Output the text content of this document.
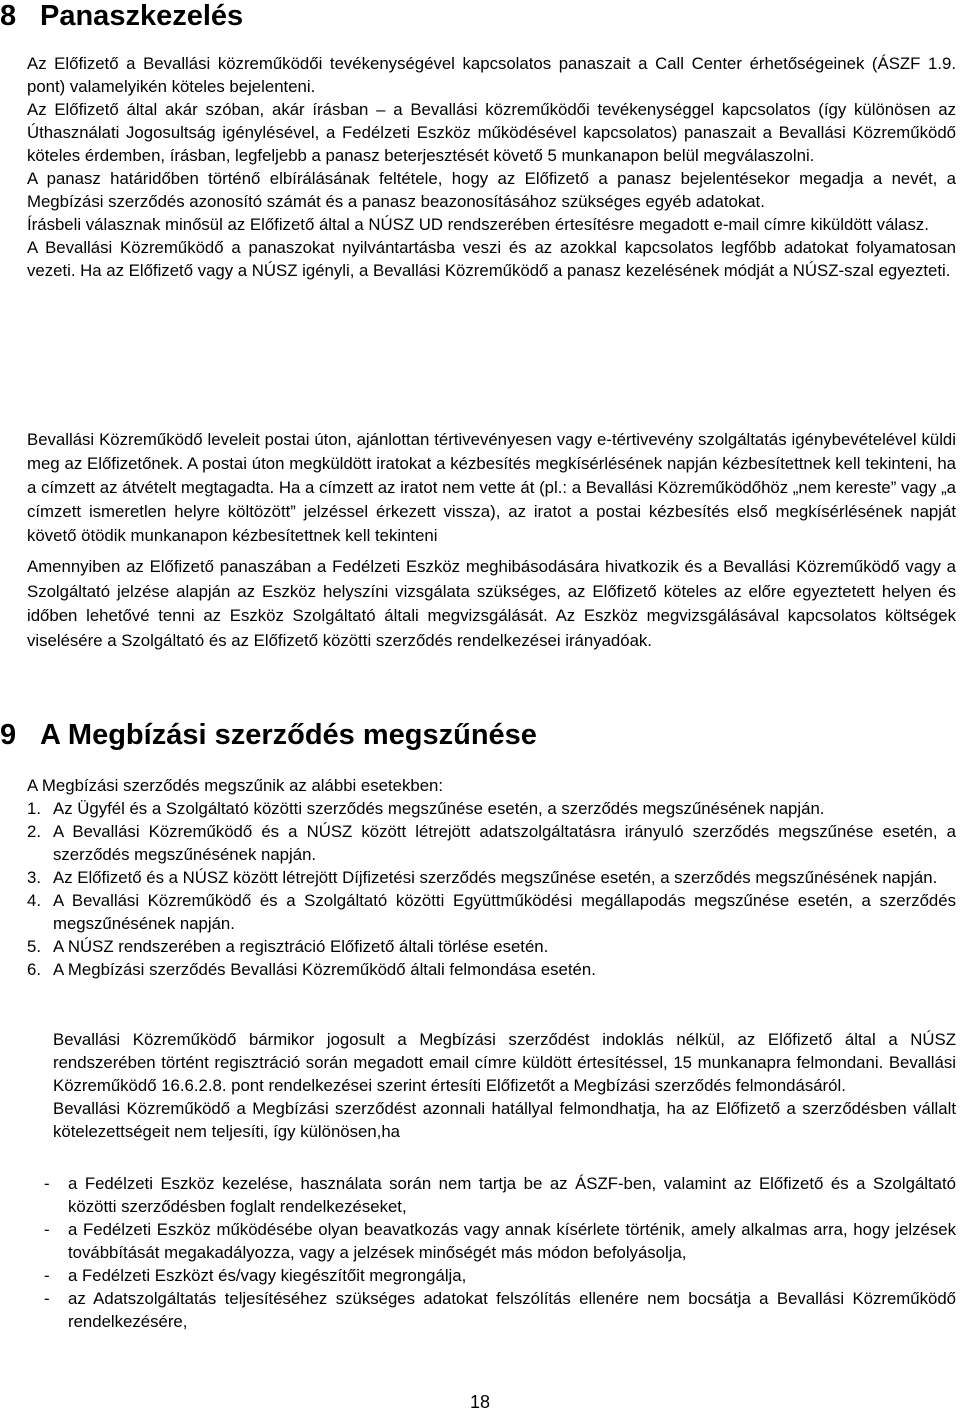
8 Panaszkezelés

Az Előfizető a Bevallási közreműködői tevékenységével kapcsolatos panaszait a Call Center érhetőségeinek (ÁSZF 1.9. pont) valamelyikén köteles bejelenteni.

Az Előfizető által akár szóban, akár írásban – a Bevallási közreműködői tevékenységgel kapcsolatos (így különösen az Úthasználati Jogosultság igénylésével, a Fedélzeti Eszköz működésével kapcsolatos) panaszait a Bevallási Közreműködő köteles érdemben, írásban, legfeljebb a panasz beterjesztését követő 5 munkanapon belül megválaszolni.

A panasz határidőben történő elbírálásának feltétele, hogy az Előfizető a panasz bejelentésekor megadja a nevét, a Megbízási szerződés azonosító számát és a panasz beazonosításához szükséges egyéb adatokat.

Írásbeli válasznak minősül az Előfizető által a NÚSZ UD rendszerében értesítésre megadott e-mail címre kiküldött válasz.

A Bevallási Közreműködő a panaszokat nyilvántartásba veszi és az azokkal kapcsolatos legfőbb adatokat folyamatosan vezeti. Ha az Előfizető vagy a NÚSZ igényli, a Bevallási Közreműködő a panasz kezelésének módját a NÚSZ-szal egyezteti.

Bevallási Közreműködő leveleit postai úton, ajánlottan tértivevényesen vagy e-tértivevény szolgáltatás igénybevételével küldi meg az Előfizetőnek. A postai úton megküldött iratokat a kézbesítés megkísérlésének napján kézbesítettnek kell tekinteni, ha a címzett az átvételt megtagadta. Ha a címzett az iratot nem vette át (pl.: a Bevallási Közreműködőhöz „nem kereste” vagy „a címzett ismeretlen helyre költözött” jelzéssel érkezett vissza), az iratot a postai kézbesítés első megkísérlésének napját követő ötödik munkanapon kézbesítettnek kell tekinteni

Amennyiben az Előfizető panaszában a Fedélzeti Eszköz meghibásodására hivatkozik és a Bevallási Közreműködő vagy a Szolgáltató jelzése alapján az Eszköz helyszíni vizsgálata szükséges, az Előfizető köteles az előre egyeztetett helyen és időben lehetővé tenni az Eszköz Szolgáltató általi megvizsgálását. Az Eszköz megvizsgálásával kapcsolatos költségek viselésére a Szolgáltató és az Előfizető közötti szerződés rendelkezései irányadóak.

9 A Megbízási szerződés megszűnése

A Megbízási szerződés megszűnik az alábbi esetekben:

1. Az Ügyfél és a Szolgáltató közötti szerződés megszűnése esetén, a szerződés megszűnésének napján.
2. A Bevallási Közreműködő és a NÚSZ között létrejött adatszolgáltatásra irányuló szerződés megszűnése esetén, a szerződés megszűnésének napján.
3. Az Előfizető és a NÚSZ között létrejött Díjfizetési szerződés megszűnése esetén, a szerződés megszűnésének napján.
4. A Bevallási Közreműködő és a Szolgáltató közötti Együttműködési megállapodás megszűnése esetén, a szerződés megszűnésének napján.
5. A NÚSZ rendszerében a regisztráció Előfizető általi törlése esetén.
6. A Megbízási szerződés Bevallási Közreműködő általi felmondása esetén.

Bevallási Közreműködő bármikor jogosult a Megbízási szerződést indoklás nélkül, az Előfizető által a NÚSZ rendszerében történt regisztráció során megadott email címre küldött értesítéssel, 15 munkanapra felmondani. Bevallási Közreműködő 16.6.2.8. pont rendelkezései szerint értesíti Előfizetőt a Megbízási szerződés felmondásáról.

Bevallási Közreműködő a Megbízási szerződést azonnali hatállyal felmondhatja, ha az Előfizető a szerződésben vállalt kötelezettségeit nem teljesíti, így különösen,ha

-	a Fedélzeti Eszköz kezelése, használata során nem tartja be az ÁSZF-ben, valamint az Előfizető és a Szolgáltató közötti szerződésben foglalt rendelkezéseket,
-	a Fedélzeti Eszköz működésébe olyan beavatkozás vagy annak kísérlete történik, amely alkalmas arra, hogy jelzések továbbítását megakadályozza, vagy a jelzések minőségét más módon befolyásolja,
-	a Fedélzeti Eszközt és/vagy kiegészítőit megrongálja,
-	az Adatszolgáltatás teljesítéséhez szükséges adatokat felszólítás ellenére nem bocsátja a Bevallási Közreműködő rendelkezésére,
18
